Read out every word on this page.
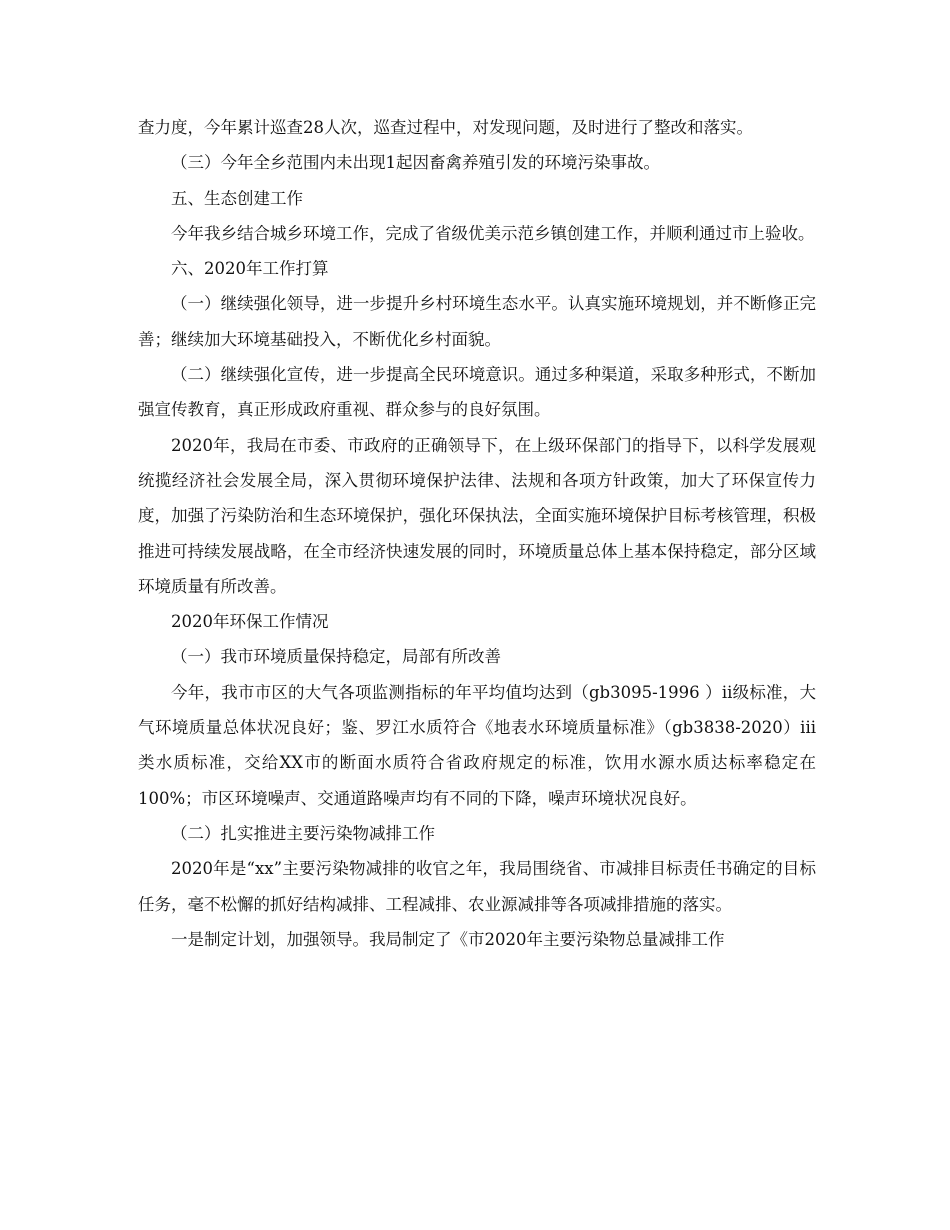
查力度，今年累计巡查28人次，巡查过程中，对发现问题，及时进行了整改和落实。

（三）今年全乡范围内未出现1起因畜禽养殖引发的环境污染事故。

五、生态创建工作

今年我乡结合城乡环境工作，完成了省级优美示范乡镇创建工作，并顺利通过市上验收。

六、2020年工作打算

（一）继续强化领导，进一步提升乡村环境生态水平。认真实施环境规划，并不断修正完善；继续加大环境基础投入，不断优化乡村面貌。

（二）继续强化宣传，进一步提高全民环境意识。通过多种渠道，采取多种形式，不断加强宣传教育，真正形成政府重视、群众参与的良好氛围。

2020年，我局在市委、市政府的正确领导下，在上级环保部门的指导下，以科学发展观统揽经济社会发展全局，深入贯彻环境保护法律、法规和各项方针政策，加大了环保宣传力度，加强了污染防治和生态环境保护，强化环保执法，全面实施环境保护目标考核管理，积极推进可持续发展战略，在全市经济快速发展的同时，环境质量总体上基本保持稳定，部分区域环境质量有所改善。

2020年环保工作情况

（一）我市环境质量保持稳定，局部有所改善

今年，我市市区的大气各项监测指标的年平均值均达到（gb3095-1996 ）ii级标准，大气环境质量总体状况良好；鉴、罗江水质符合《地表水环境质量标准》（gb3838-2020）iii类水质标准，交给XX市的断面水质符合省政府规定的标准，饮用水源水质达标率稳定在100%；市区环境噪声、交通道路噪声均有不同的下降，噪声环境状况良好。

（二）扎实推进主要污染物减排工作

2020年是“xx”主要污染物减排的收官之年，我局围绕省、市减排目标责任书确定的目标任务，毫不松懈的抓好结构减排、工程减排、农业源减排等各项减排措施的落实。

一是制定计划，加强领导。我局制定了《市2020年主要污染物总量减排工作
